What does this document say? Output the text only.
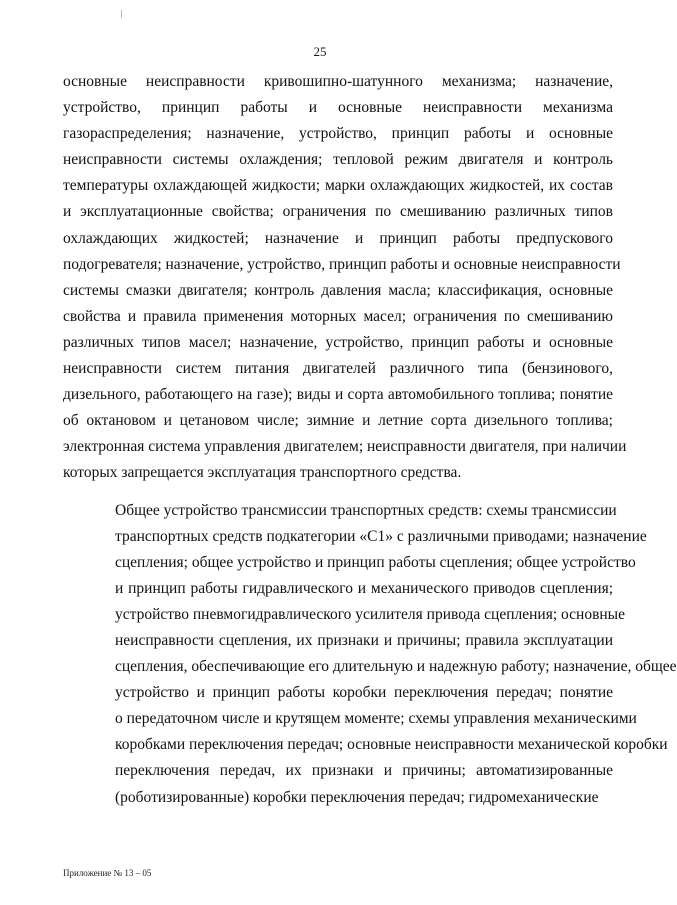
25

основные неисправности кривошипно-шатунного механизма; назначение,
устройство, принцип работы и основные неисправности механизма
газораспределения; назначение, устройство, принцип работы и основные
неисправности системы охлаждения; тепловой режим двигателя и контроль
температуры охлаждающей жидкости; марки охлаждающих жидкостей, их состав
и эксплуатационные свойства; ограничения по смешиванию различных типов
охлаждающих жидкостей; назначение и принцип работы предпускового
подогревателя; назначение, устройство, принцип работы и основные неисправности
системы смазки двигателя; контроль давления масла; классификация, основные
свойства и правила применения моторных масел; ограничения по смешиванию
различных типов масел; назначение, устройство, принцип работы и основные
неисправности систем питания двигателей различного типа (бензинового,
дизельного, работающего на газе); виды и сорта автомобильного топлива; понятие
об октановом и цетановом числе; зимние и летние сорта дизельного топлива;
электронная система управления двигателем; неисправности двигателя, при наличии
которых запрещается эксплуатация транспортного средства.

Общее устройство трансмиссии транспортных средств: схемы трансмиссии
транспортных средств подкатегории «C1» с различными приводами; назначение
сцепления; общее устройство и принцип работы сцепления; общее устройство
и принцип работы гидравлического и механического приводов сцепления;
устройство пневмогидравлического усилителя привода сцепления; основные
неисправности сцепления, их признаки и причины; правила эксплуатации
сцепления, обеспечивающие его длительную и надежную работу; назначение, общее
устройство и принцип работы коробки переключения передач; понятие
о передаточном числе и крутящем моменте; схемы управления механическими
коробками переключения передач; основные неисправности механической коробки
переключения передач, их признаки и причины; автоматизированные
(роботизированные) коробки переключения передач; гидромеханические

Приложение № 13 – 05
